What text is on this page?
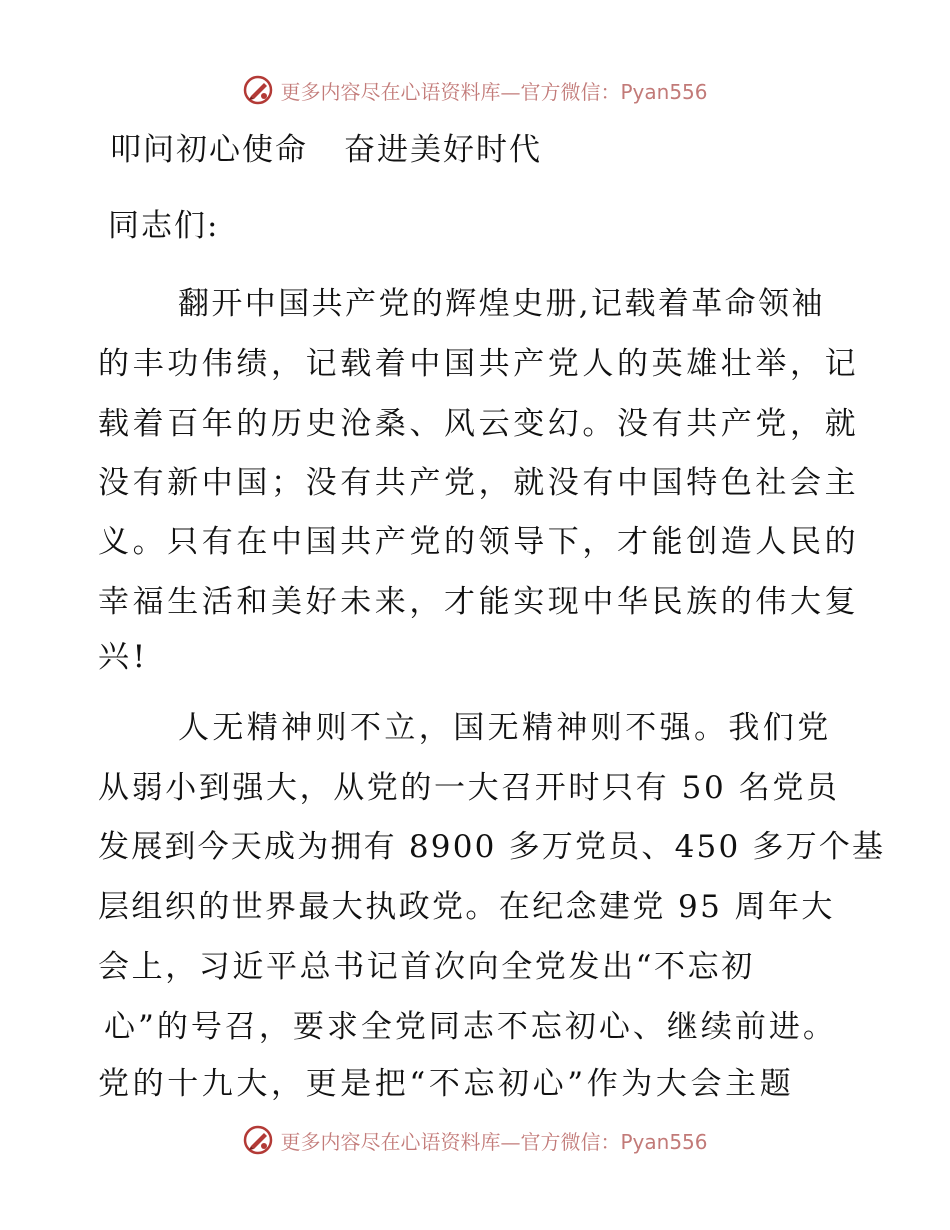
更多内容尽在心语资料库—官方微信：Pyan556
叩问初心使命 奋进美好时代
同志们:
翻开中国共产党的辉煌史册,记载着革命领袖
的丰功伟绩，记载着中国共产党人的英雄壮举，记
载着百年的历史沧桑、风云变幻。没有共产党，就
没有新中国；没有共产党，就没有中国特色社会主
义。只有在中国共产党的领导下，才能创造人民的
幸福生活和美好未来，才能实现中华民族的伟大复
兴!
人无精神则不立，国无精神则不强。我们党
从弱小到强大，从党的一大召开时只有 50 名党员
发展到今天成为拥有 8900 多万党员、450 多万个基
层组织的世界最大执政党。在纪念建党 95 周年大
会上，习近平总书记首次向全党发出“不忘初
心”的号召，要求全党同志不忘初心、继续前进。
党的十九大，更是把“不忘初心”作为大会主题
更多内容尽在心语资料库—官方微信：Pyan556
